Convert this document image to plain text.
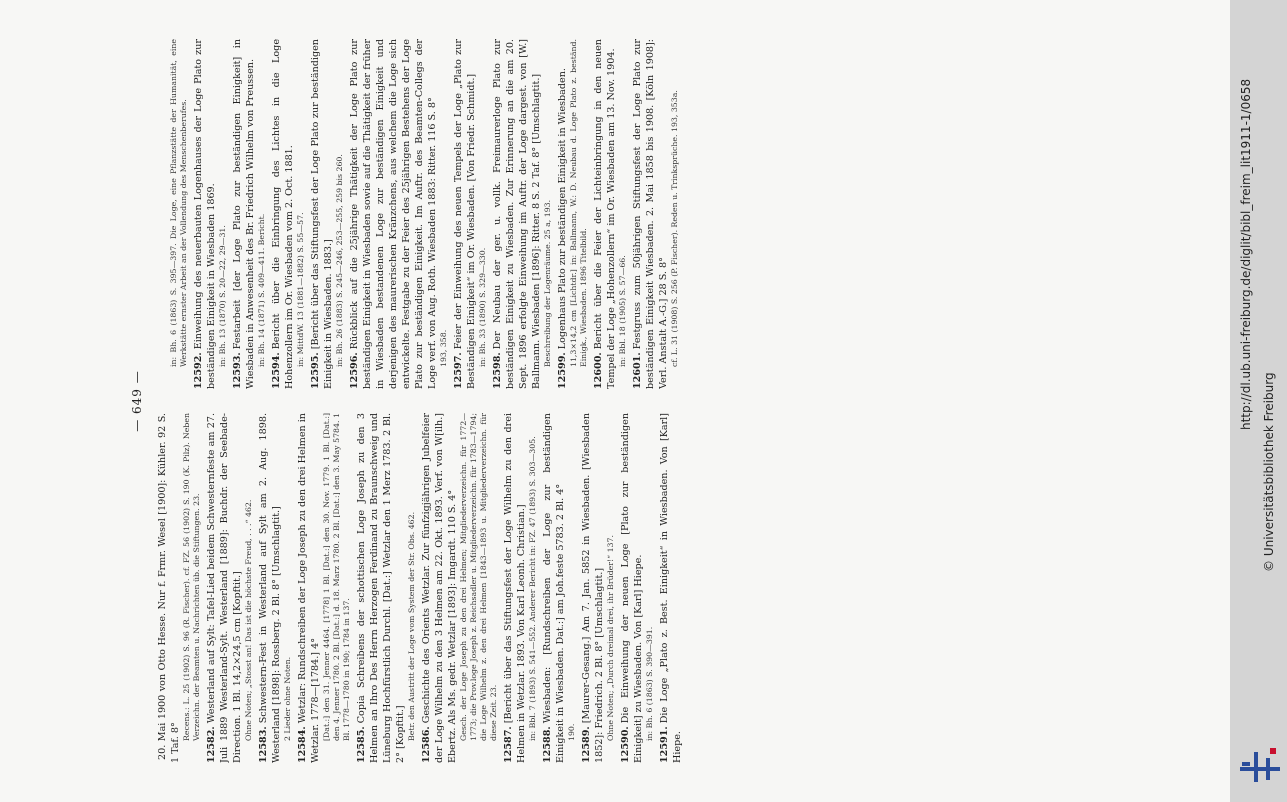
— 649 —
20. Mai 1900 von Otto Hesse. Nur f. Frmr. Wesel [1900]: Kühler. 92 S. 1 Taf. 8°
Recens.: L. 25 (1902) S. 96 (R. Fischer). cf. FZ. 56 (1902) S. 190 (K. Pilz). Neben Verzeichn. der Beamten u. Nachrichten üb. die Stiftungen. 23.
12582.Westerland auf Sylt: Tafel-Lied beidem Schwesternfeste am 27. Juli 1889 Westerland-Sylt. Westerland [1889]: Buchdr. der Seebade-Direction. 1 Bl. 14,2×24,5 cm [Kopftit.] Ohne Noten; „Stosst an! Das ist die höchste Freud, . . .“ 462.
12583.Schwestern-Fest in Westerland auf Sylt am 2. Aug. 1898. Westerland [1898]: Rossberg. 2 Bl. 8° [Umschlagtit.] 2 Lieder ohne Noten.
12584.Wetzlar: Rundschreiben der Loge Joseph zu den drei Helmen in Wetzlar. 1778—[1784.] 4° [Dat.:] den 31. Jenner 4464. [1778] 1 Bl. [Dat.:] den 30. Nov. 1779. 1 Bl. [Dat.:] den 4. Jenner 1780. 2 Bl. [Dat.:] d. 18. Marz 1780. 2 Bl. [Dat.:] den 3. May 5784. 1 Bl. 1778—1780 in 190; 1784 in 137.
12585.Copia Schreibens der schottischen Loge Joseph zu den 3 Helmen an Ihro Des Herrn Herzogen Ferdinand zu Braunschweig und Lüneburg Hochfürstlich Durchl. [Dat.:] Wetzlar den 1 Merz 1783. 2 Bl. 2° [Kopftit.] Betr. den Austritt der Loge vom System der Str. Obs. 462.
12586.Geschichte des Orients Wetzlar. Zur fünfzigjährigen Jubelfeier der Loge Wilhelm zu den 3 Helmen am 22. Okt. 1893. Verf. von W[ilh.] Ebertz. Als Ms. gedr. Wetzlar [1893]: Imgardt. 110 S. 4° Gesch. der Loge Joseph zu den drei Helmen; Mitgliederverzeichn. für 1772—1773; die Prov.loge Joseph z. Reichsadler u. Mitgliederverzeichn. für 1783—1794; die Loge Wilhelm z. den drei Helmen [1843—1893 u. Mitgliederverzeichn. für diese Zeit. 23.
12587.[Bericht über das Stiftungsfest der Loge Wilhelm zu den drei Helmen in Wetzlar. 1893. Von Karl Leonh. Christian.] in: Bbl. 7 (1893) S. 541—552. Anderer Bericht in: FZ. 47 (1893) S. 303—305.
12588.Wiesbaden: [Rundschreiben der Loge zur beständigen Einigkeit in Wiesbaden. Dat.:] am Joh.feste 5783. 2 Bl. 4° 190. 12589.[Maurer-Gesang.] Am 7. Jan. 5852 in Wiesbaden. [Wiesbaden 1852]: Friedrich. 2 Bl. 8° [Umschlagtit.] Ohne Noten; „Durch dreimal drei, ihr Brüder!“ 137.
12590.Die Einweihung der neuen Loge [Plato zur beständigen Einigkeit] zu Wiesbaden. Von [Karl] Hiepe. in: Bh. 6 (1863) S. 390—391.
12591.Die Loge „Plato z. Best. Einigkeit“ in Wiesbaden. Von [Karl] Hiepe.
in: Bh. 6 (1863) S. 395—397. Die Loge, eine Pflanzstätte der Humanität, eine Werkstätte ernster Arbeit an der Vollendung des Menschenberufes.
12592.Einweihung des neuerbauten Logenhauses der Loge Plato zur beständigen Einigkeit in Wiesbaden 1869. in: Bh. 13 (1870) S. 20—22, 29—31.
12593.Festarbeit [der Loge Plato zur beständigen Einigkeit] in Wiesbaden in Anwesenheit des Br. Friedrich Wilhelm von Preussen. in: Bh. 14 (1871) S. 409—411. Bericht.
12594.Bericht über die Einbringung des Lichtes in die Loge Hohenzollern im Or. Wiesbaden vom 2. Oct. 1881. in: MittdW. 13 (1881—1882) S. 55—57.
12595.[Bericht über das Stiftungsfest der Loge Plato zur beständigen Einigkeit in Wiesbaden. 1883.] in: Bh. 26 (1883) S. 245—246, 253—255, 259 bis 260.
12596.Rückblick auf die 25jährige Thätigkeit der Loge Plato zur beständigen Einigkeit in Wiesbaden sowie auf die Thätigkeit der früher in Wiesbaden bestandenen Loge zur beständigen Einigkeit und derjenigen des maurerischen Kränzchens, aus welchem die Loge sich entwickelte. Festgabe zu der Feier des 25jährigen Bestehens der Loge Plato zur beständigen Einigkeit. Im Auftr. des Beamten-Collegs der Loge verf. von Aug. Roth. Wiesbaden 1883: Ritter. 116 S. 8° 193, 358.
12597.Feier der Einweihung des neuen Tempels der Loge „Plato zur Beständigen Einigkeit“ im Or. Wiesbaden. [Von Friedr. Schmidt.] in: Bh. 33 (1890) S. 329—330.
12598.Der Neubau der ger. u. vollk. Freimaurerloge Plato zur beständigen Einigkeit zu Wiesbaden. Zur Erinnerung an die am 20. Sept. 1896 erfolgte Einweihung im Auftr. der Loge dargest. von [W.] Ballmann. Wiesbaden [1896]: Ritter. 8 S. 2 Taf. 8° [Umschlagtit.] Beschreibung der Logenräume. 25 a, 193.
12599.Logenhaus Plato zur beständigen Einigkeit in Wiesbaden. 11,3×14,2 cm [Lichtdr.] in: Ballmann, W.: D. Neubau d. Loge Plato z. beständ. Einigk., Wiesbaden. 1896 Titelbild.
12600.Bericht über die Feier der Lichteinbringung in den neuen Tempel der Loge „Hohenzollern“ im Or. Wiesbaden am 13. Nov. 1904. in: Bbl. 18 (1905) S. 57—66.
12601.Festgruss zum 50jährigen Stiftungsfest der Loge Plato zur beständigen Einigkeit Wiesbaden. 2. Mai 1858 bis 1908. [Köln 1908]: Verl. Anstalt A.-G.] 28 S. 8° cf. L. 31 (1908) S. 256 (P. Fischer). Reden u. Trinksprüche. 193, 353a.	http://dl.ub.uni-freiburg.de/diglit/bibl_freim_lit1911-1/0658
© Universitätsbibliothek Freiburg
